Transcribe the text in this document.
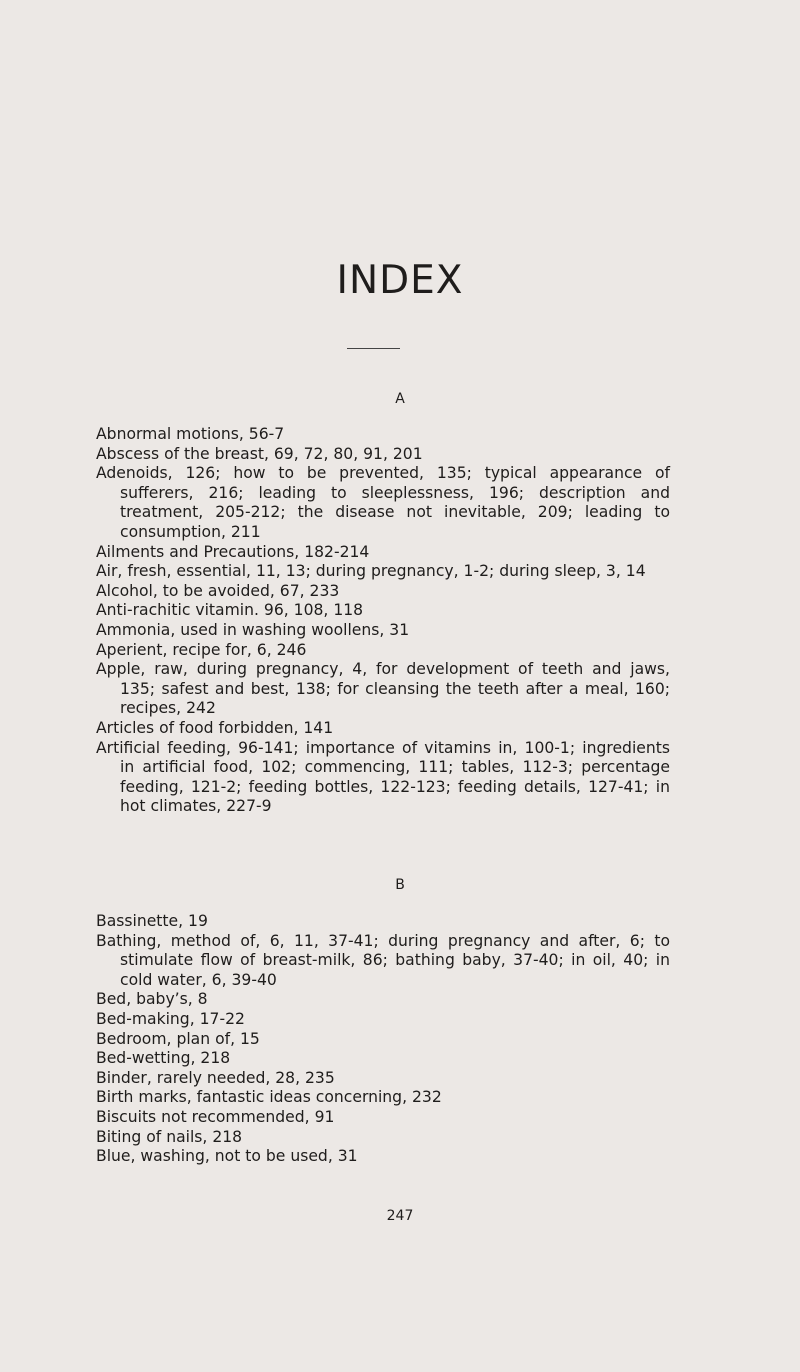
INDEX
A

Abnormal motions, 56-7

Abscess of the breast, 69, 72, 80, 91, 201

Adenoids, 126; how to be prevented, 135; typical appearance of sufferers, 216; leading to sleeplessness, 196; description and treatment, 205-212; the disease not inevitable, 209; leading to consumption, 211

Ailments and Precautions, 182-214

Air, fresh, essential, 11, 13; during pregnancy, 1-2; during sleep, 3, 14

Alcohol, to be avoided, 67, 233

Anti-rachitic vitamin. 96, 108, 118

Ammonia, used in washing woollens, 31

Aperient, recipe for, 6, 246

Apple, raw, during pregnancy, 4, for development of teeth and jaws, 135; safest and best, 138; for cleansing the teeth after a meal, 160; recipes, 242

Articles of food forbidden, 141

Artificial feeding, 96-141; importance of vitamins in, 100-1; ingredients in artificial food, 102; commencing, 111; tables, 112-3; percentage feeding, 121-2; feeding bottles, 122-123; feeding details, 127-41; in hot climates, 227-9

B

Bassinette, 19

Bathing, method of, 6, 11, 37-41; during pregnancy and after, 6; to stimulate flow of breast-milk, 86; bathing baby, 37-40; in oil, 40; in cold water, 6, 39-40

Bed, baby’s, 8

Bed-making, 17-22

Bedroom, plan of, 15

Bed-wetting, 218

Binder, rarely needed, 28, 235

Birth marks, fantastic ideas concerning, 232

Biscuits not recommended, 91

Biting of nails, 218

Blue, washing, not to be used, 31

247
